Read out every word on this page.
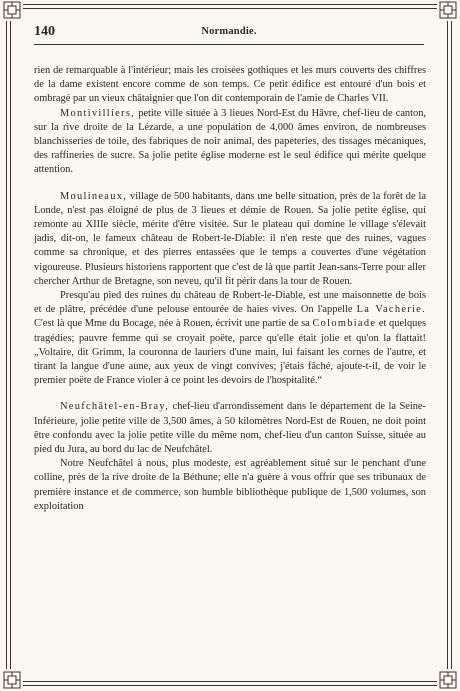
140	Normandie.

rien de remarquable à l'intérieur; mais les croisées gothiques et les murs couverts des chiffres de la dame existent encore comme de son temps. Ce petit édifice est entouré d'un bois et ombragé par un vieux châtaignier que l'on dit contemporain de l'amie de Charles VII.

Montivilliers, petite ville située à 3 lieues Nord-Est du Hâvre, chef-lieu de canton, sur la rive droite de la Lézarde, a une population de 4,000 âmes environ, de nombreuses blanchisseries de toile, des fabriques de noir animal, des papeteries, des tissages mécaniques, des raffineries de sucre. Sa jolie petite église moderne est le seul édifice qui mérite quelque attention.

Moulineaux, village de 500 habitants, dans une belle situation, près de la forêt de la Londe, n'est pas éloigné de plus de 3 lieues et démie de Rouen. Sa jolie petite église, qui remonte au XIIIe siècle, mérite d'être visitée. Sur le plateau qui domine le village s'élevait jadis, dit-on, le fameux château de Robert-le-Diable: il n'en reste que des ruines, vagues comme sa chronique, et des pierres entassées que le temps a couvertes d'une végétation vigoureuse. Plusieurs historiens rapportent que c'est de là que partit Jean-sans-Terre pour aller chercher Arthur de Bretagne, son neveu, qu'il fit périr dans la tour de Rouen.

Presqu'au pied des ruines du château de Robert-le-Diable, est une maisonnette de bois et de plâtre, précédée d'une pelouse entourée de haies vives. On l'appelle La Vacherie. C'est là que Mme du Bocage, née à Rouen, écrivit une partie de sa Colombiade et quelques tragédies; pauvre femme qui se croyait poëte, parce qu'elle était jolie et qu'on la flattait! „Voltaire, dit Grimm, la couronna de lauriers d'une main, lui faisant les cornes de l'autre, et tirant la langue d'une aune, aux yeux de vingt convives; j'étais fâché, ajoute-t-il, de voir le premier poëte de France violer à ce point les devoirs de l'hospitalité.“

Neufchâtel-en-Bray, chef-lieu d'arrondissement dans le département de la Seine-Inférieure, jolie petite ville de 3,500 âmes, à 50 kilomètres Nord-Est de Rouen, ne doit point être confondu avec la jolie petite ville du même nom, chef-lieu d'un canton Suisse, située au pied du Jura, au bord du lac de Neufchâtel.

Notre Neufchâtel à nous, plus modeste, est agréablement situé sur le penchant d'une colline, près de la rive droite de la Béthune; elle n'a guère à vous offrir que ses tribunaux de première instance et de commerce, son humble bibliothèque publique de 1,500 volumes, son exploitation
